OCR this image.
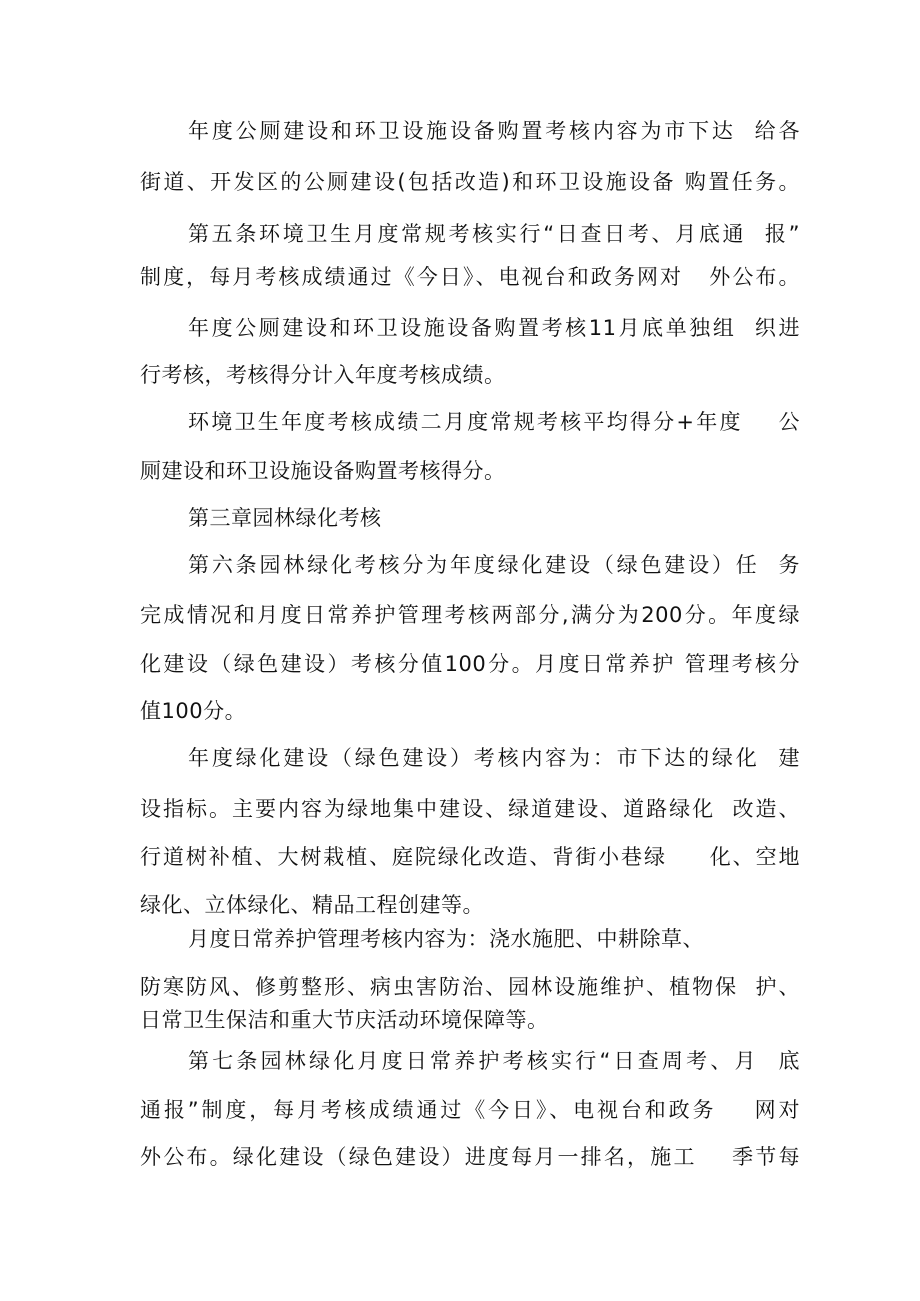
年度公厕建设和环卫设施设备购置考核内容为市下达  给各
街道、开发区的公厕建设(包括改造)和环卫设施设备 购置任务。
第五条环境卫生月度常规考核实行“日查日考、月底通  报”
制度，每月考核成绩通过《今日》、电视台和政务网对   外公布。
年度公厕建设和环卫设施设备购置考核11月底单独组  织进
行考核，考核得分计入年度考核成绩。
环境卫生年度考核成绩二月度常规考核平均得分+年度    公
厕建设和环卫设施设备购置考核得分。
第三章园林绿化考核
第六条园林绿化考核分为年度绿化建设（绿色建设）任  务
完成情况和月度日常养护管理考核两部分,满分为200分。年度绿
化建设（绿色建设）考核分值100分。月度日常养护 管理考核分
值100分。
年度绿化建设（绿色建设）考核内容为：市下达的绿化  建
设指标。主要内容为绿地集中建设、绿道建设、道路绿化  改造、
行道树补植、大树栽植、庭院绿化改造、背街小巷绿     化、空地
绿化、立体绿化、精品工程创建等。
月度日常养护管理考核内容为：浇水施肥、中耕除草、
防寒防风、修剪整形、病虫害防治、园林设施维护、植物保  护、
日常卫生保洁和重大节庆活动环境保障等。
第七条园林绿化月度日常养护考核实行“日查周考、月  底
通报”制度，每月考核成绩通过《今日》、电视台和政务    网对
外公布。绿化建设（绿色建设）进度每月一排名，施工    季节每
